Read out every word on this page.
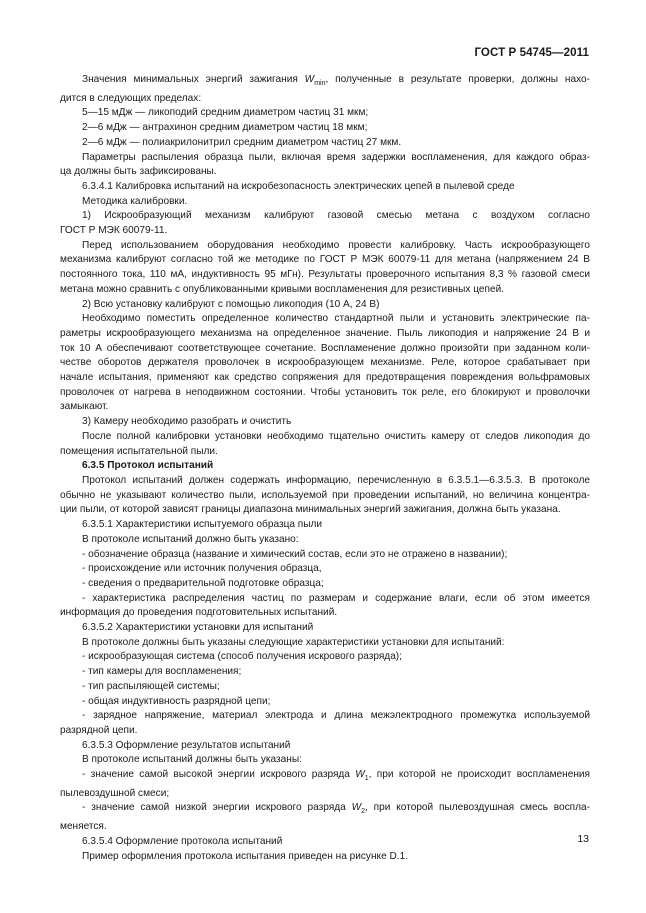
ГОСТ Р 54745—2011

Значения минимальных энергий зажигания $W_{min}$, полученные в результате проверки, должны нахо-

дится в следующих пределах:

5—15 мДж — ликоподий средним диаметром частиц 31 мкм;

2—6 мДж — антрахинон средним диаметром частиц 18 мкм;

2—6 мДж — полиакрилонитрил средним диаметром частиц 27 мкм.

Параметры распыления образца пыли, включая время задержки воспламенения, для каждого образ-

ца должны быть зафиксированы.

6.3.4.1 Калибровка испытаний на искробезопасность электрических цепей в пылевой среде

Методика калибровки.

1) Искрообразующий механизм калибруют газовой смесью метана с воздухом согласно

ГОСТ Р МЭК 60079-11.

Перед использованием оборудования необходимо провести калибровку. Часть искрообразующего

механизма калибруют согласно той же методике по ГОСТ Р МЭК 60079-11 для метана (напряжением 24 В

постоянного тока, 110 мА, индуктивность 95 мГн). Результаты проверочного испытания 8,3 % газовой смеси

метана можно сравнить с опубликованными кривыми воспламенения для резистивных цепей.

2) Всю установку калибруют с помощью ликоподия (10 А, 24 В)

Необходимо поместить определенное количество стандартной пыли и установить электрические па-

раметры искрообразующего механизма на определенное значение. Пыль ликоподия и напряжение 24 В и

ток 10 А обеспечивают соответствующее сочетание. Воспламенение должно произойти при заданном коли-

честве оборотов держателя проволочек в искрообразующем механизме. Реле, которое срабатывает при

начале испытания, применяют как средство сопряжения для предотвращения повреждения вольфрамовых

проволочек от нагрева в неподвижном состоянии. Чтобы установить ток реле, его блокируют и проволочки

замыкают.

3) Камеру необходимо разобрать и очистить

После полной калибровки установки необходимо тщательно очистить камеру от следов ликоподия до

помещения испытательной пыли.

6.3.5 Протокол испытаний

Протокол испытаний должен содержать информацию, перечисленную в 6.3.5.1—6.3.5.3. В протоколе

обычно не указывают количество пыли, используемой при проведении испытаний, но величина концентра-

ции пыли, от которой зависят границы диапазона минимальных энергий зажигания, должна быть указана.

6.3.5.1 Характеристики испытуемого образца пыли

В протоколе испытаний должно быть указано:

- обозначение образца (название и химический состав, если это не отражено в названии);

- происхождение или источник получения образца,

- сведения о предварительной подготовке образца;

- характеристика распределения частиц по размерам и содержание влаги, если об этом имеется

информация до проведения подготовительных испытаний.

6.3.5.2 Характеристики установки для испытаний

В протоколе должны быть указаны следующие характеристики установки для испытаний:

- искрообразующая система (способ получения искрового разряда);

- тип камеры для воспламенения;

- тип распыляющей системы;

- общая индуктивность разрядной цепи;

- зарядное напряжение, материал электрода и длина межэлектродного промежутка используемой

разрядной цепи.

6.3.5.3 Оформление результатов испытаний

В протоколе испытаний должны быть указаны:

- значение самой высокой энергии искрового разряда $W_1$, при которой не происходит воспламенения

пылевоздушной смеси;

- значение самой низкой энергии искрового разряда $W_2$, при которой пылевоздушная смесь воспла-

меняется.

6.3.5.4 Оформление протокола испытаний

Пример оформления протокола испытания приведен на рисунке D.1.

13
